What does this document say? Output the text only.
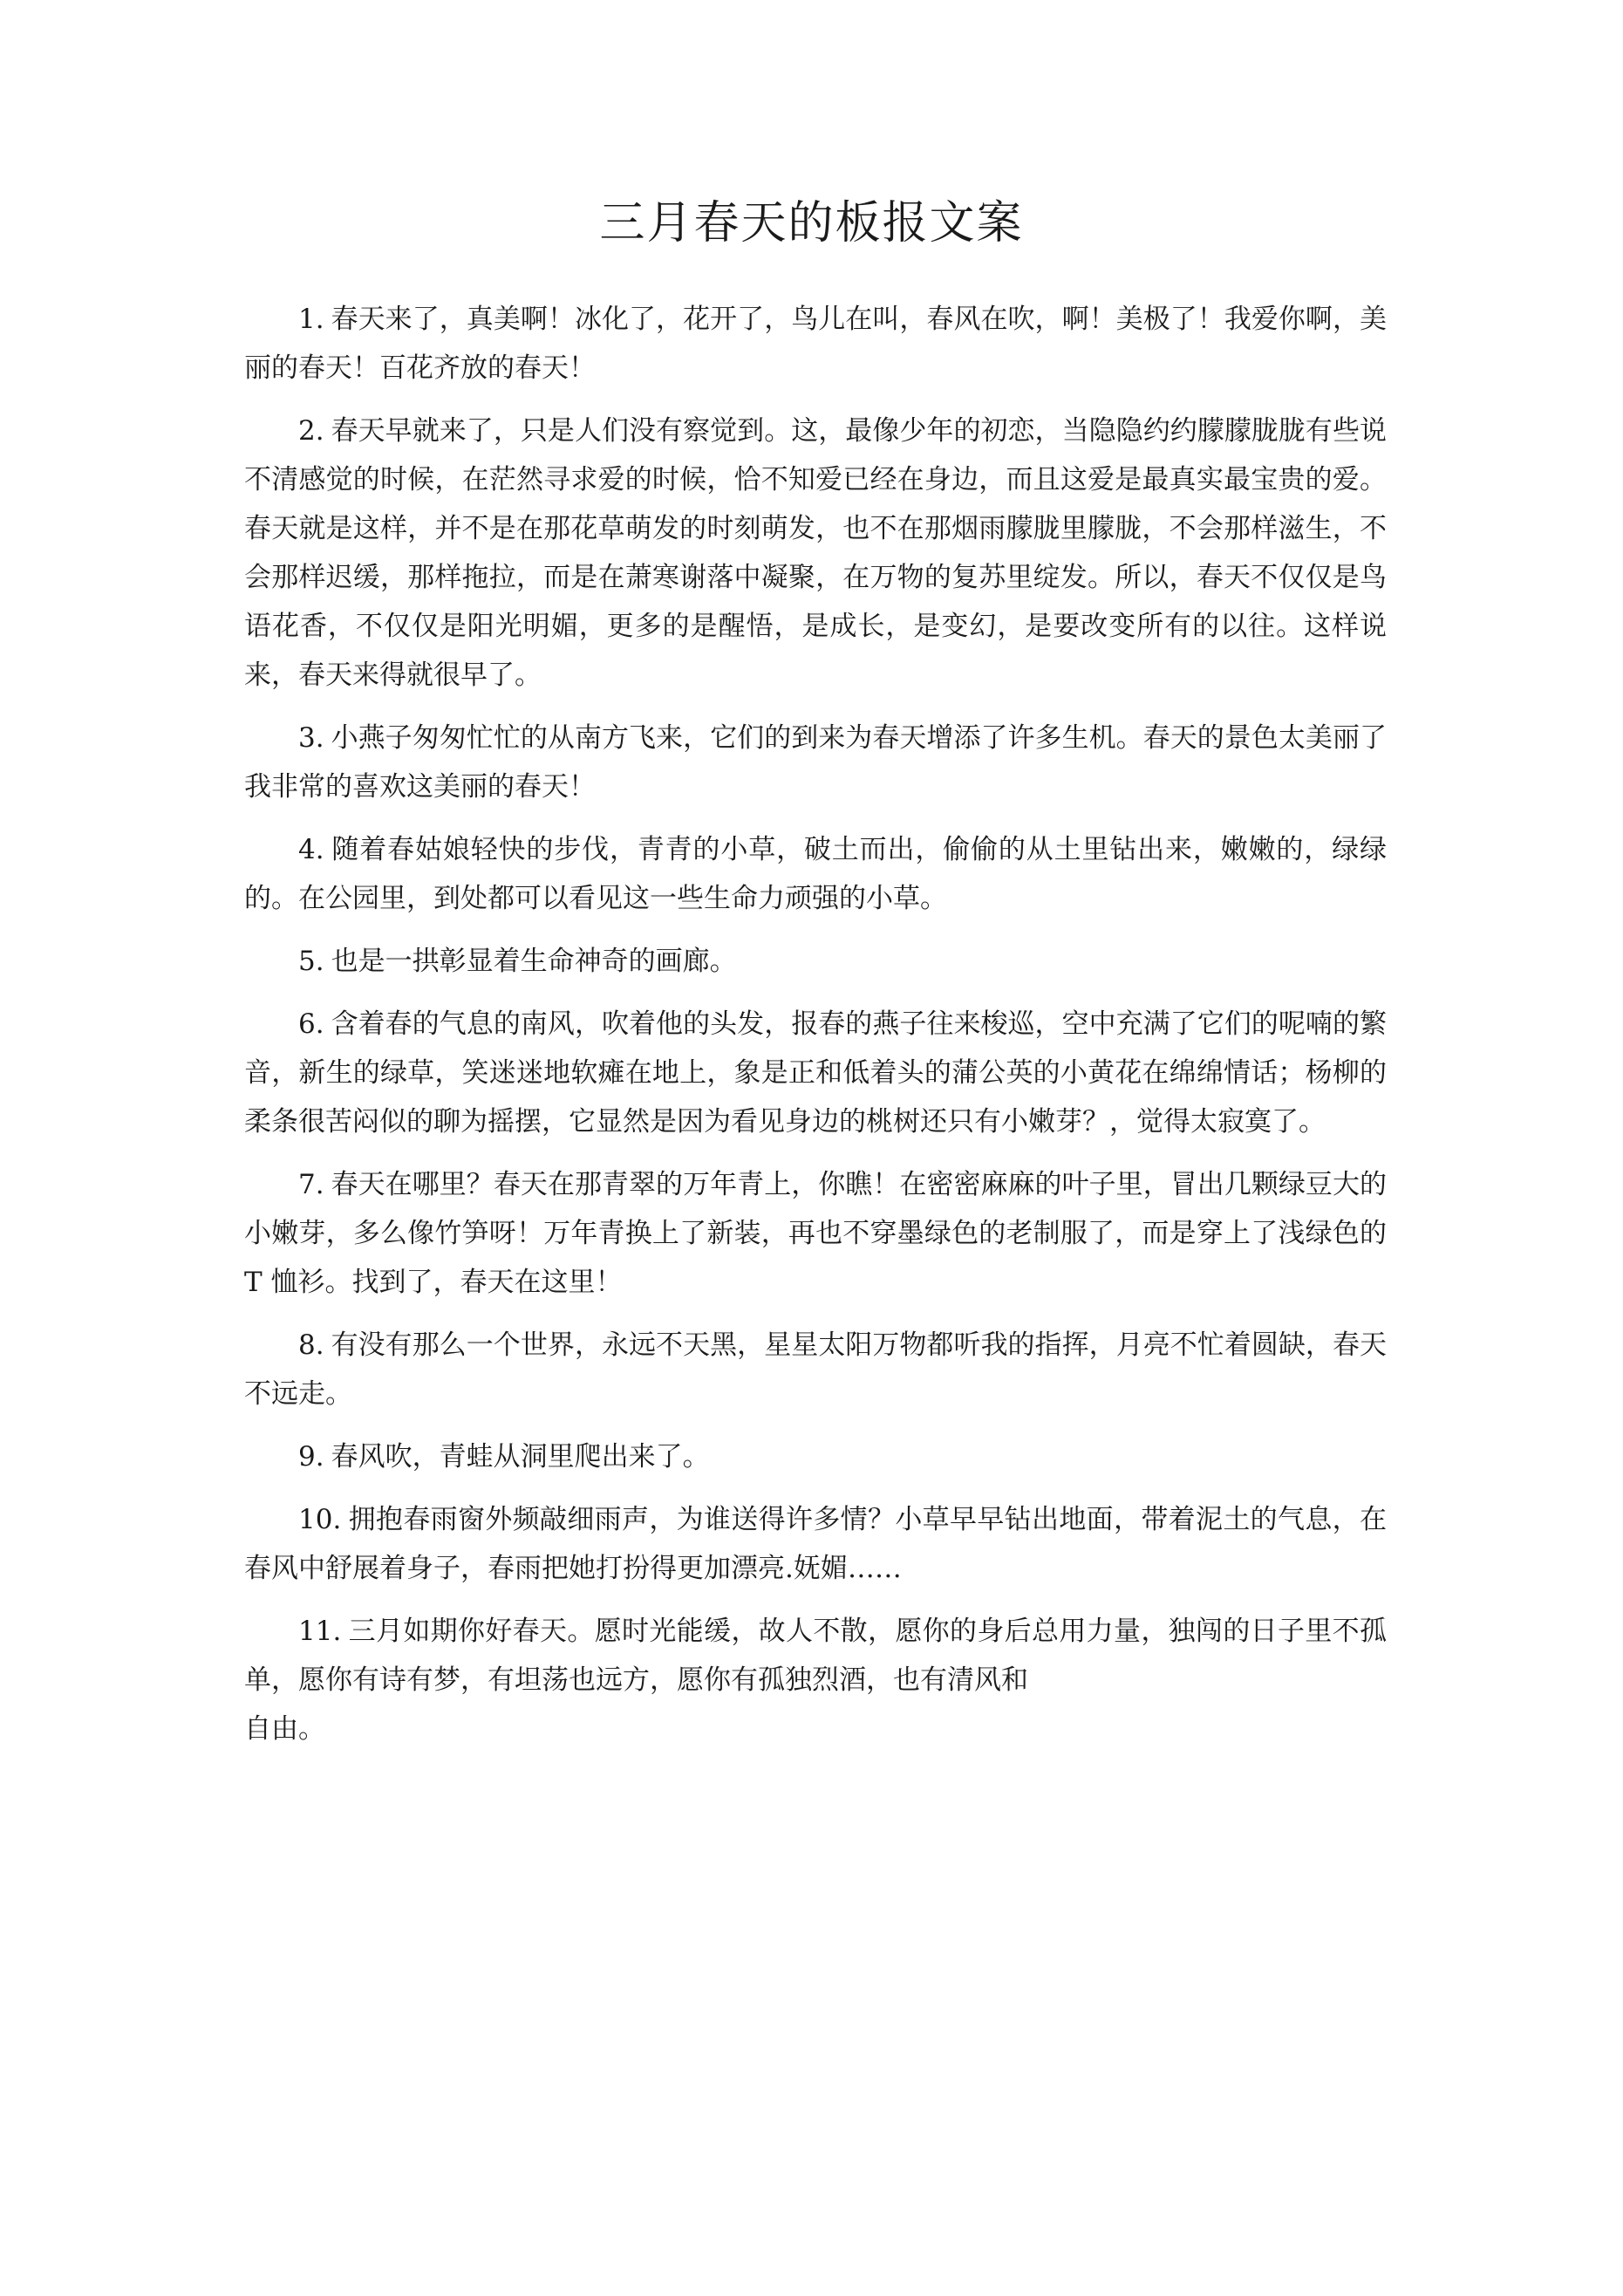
三月春天的板报文案

1. 春天来了，真美啊！冰化了，花开了，鸟儿在叫，春风在吹，啊！美极了！我爱你啊，美丽的春天！百花齐放的春天！

2. 春天早就来了，只是人们没有察觉到。这，最像少年的初恋，当隐隐约约朦朦胧胧有些说不清感觉的时候，在茫然寻求爱的时候，恰不知爱已经在身边，而且这爱是最真实最宝贵的爱。春天就是这样，并不是在那花草萌发的时刻萌发，也不在那烟雨朦胧里朦胧，不会那样滋生，不会那样迟缓，那样拖拉，而是在萧寒谢落中凝聚，在万物的复苏里绽发。所以，春天不仅仅是鸟语花香，不仅仅是阳光明媚，更多的是醒悟，是成长，是变幻，是要改变所有的以往。这样说来，春天来得就很早了。

3. 小燕子匆匆忙忙的从南方飞来，它们的到来为春天增添了许多生机。春天的景色太美丽了我非常的喜欢这美丽的春天！

4. 随着春姑娘轻快的步伐，青青的小草，破土而出，偷偷的从土里钻出来，嫩嫩的，绿绿的。在公园里，到处都可以看见这一些生命力顽强的小草。

5. 也是一拱彰显着生命神奇的画廊。

6. 含着春的气息的南风，吹着他的头发，报春的燕子往来梭巡，空中充满了它们的呢喃的繁音，新生的绿草，笑迷迷地软瘫在地上，象是正和低着头的蒲公英的小黄花在绵绵情话；杨柳的柔条很苦闷似的聊为摇摆，它显然是因为看见身边的桃树还只有小嫩芽？，觉得太寂寞了。

7. 春天在哪里？春天在那青翠的万年青上，你瞧！在密密麻麻的叶子里，冒出几颗绿豆大的小嫩芽，多么像竹笋呀！万年青换上了新装，再也不穿墨绿色的老制服了，而是穿上了浅绿色的 T 恤衫。找到了，春天在这里！

8. 有没有那么一个世界，永远不天黑，星星太阳万物都听我的指挥，月亮不忙着圆缺，春天不远走。

9. 春风吹，青蛙从洞里爬出来了。

10. 拥抱春雨窗外频敲细雨声，为谁送得许多情？小草早早钻出地面，带着泥土的气息，在春风中舒展着身子，春雨把她打扮得更加漂亮.妩媚……

11. 三月如期你好春天。愿时光能缓，故人不散，愿你的身后总用力量，独闯的日子里不孤单，愿你有诗有梦，有坦荡也远方，愿你有孤独烈酒，也有清风和
自由。
